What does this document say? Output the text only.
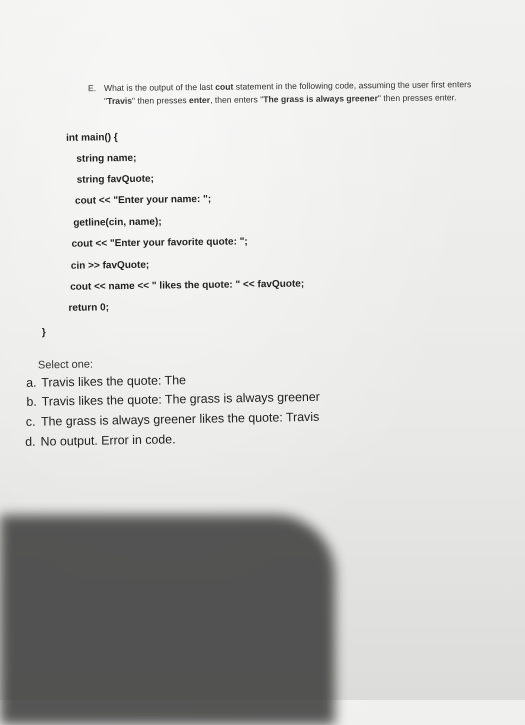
E. What is the output of the last cout statement in the following code, assuming the user first enters "Travis" then presses enter, then enters "The grass is always greener" then presses enter.
int main() {
string name;
string favQuote;
cout << "Enter your name: ";
getline(cin, name);
cout << "Enter your favorite quote: ";
cin >> favQuote;
cout << name << " likes the quote: " << favQuote;
return 0;
}
Select one:
a. Travis likes the quote: The
b. Travis likes the quote: The grass is always greener
c. The grass is always greener likes the quote: Travis
d. No output. Error in code.
